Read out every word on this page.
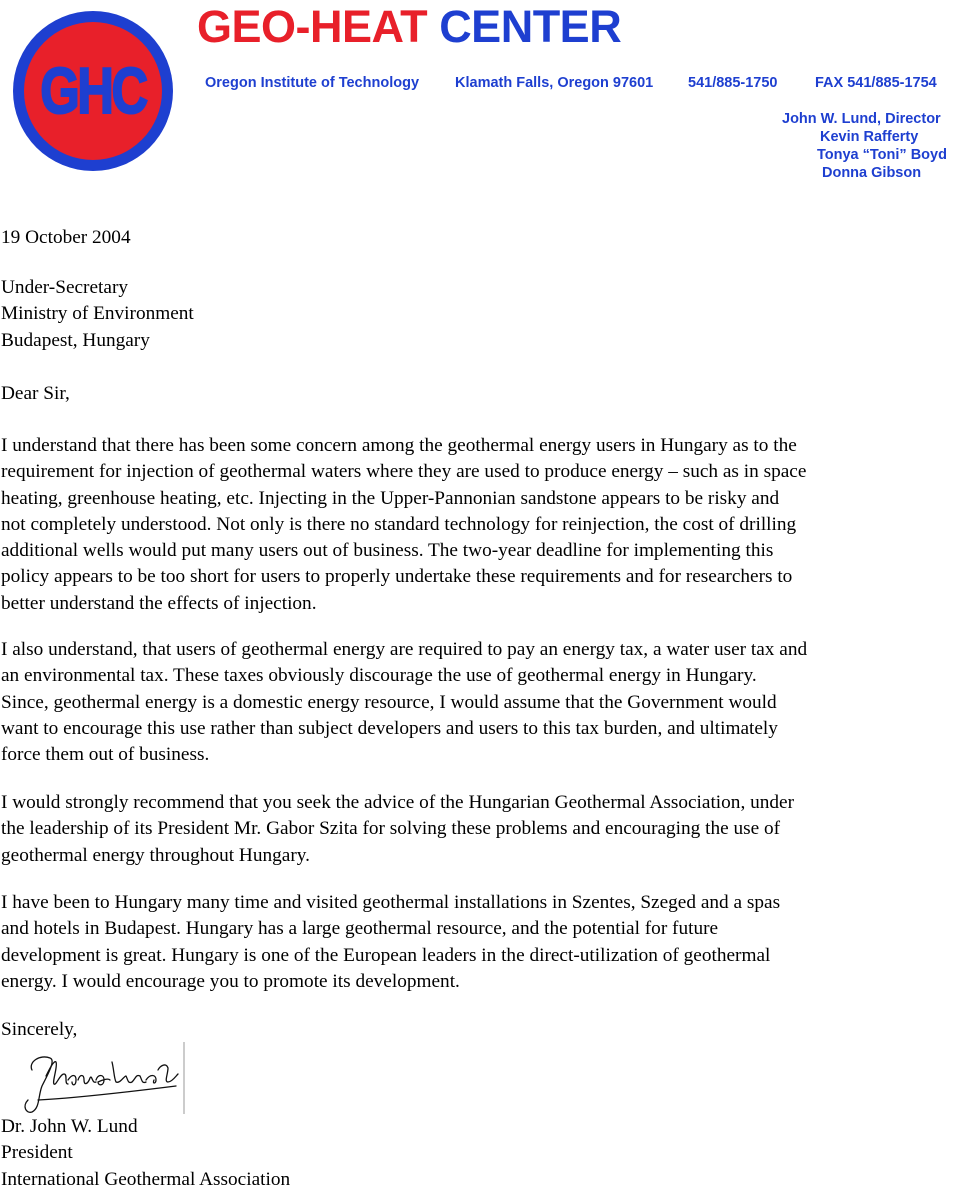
GHC
GEO-HEAT CENTER
Oregon Institute of Technology Klamath Falls, Oregon 97601 541/885-1750	FAX 541/885-1754
John W. Lund, Director
Kevin Rafferty
Tonya “Toni” Boyd
Donna Gibson
19 October 2004
Under-Secretary
Ministry of Environment
Budapest, Hungary
Dear Sir,
I understand that there has been some concern among the geothermal energy users in Hungary as to the
requirement for injection of geothermal waters where they are used to produce energy – such as in space
heating, greenhouse heating, etc. Injecting in the Upper-Pannonian sandstone appears to be risky and
not completely understood. Not only is there no standard technology for reinjection, the cost of drilling
additional wells would put many users out of business. The two-year deadline for implementing this
policy appears to be too short for users to properly undertake these requirements and for researchers to
better understand the effects of injection.
I also understand, that users of geothermal energy are required to pay an energy tax, a water user tax and
an environmental tax. These taxes obviously discourage the use of geothermal energy in Hungary.
Since, geothermal energy is a domestic energy resource, I would assume that the Government would
want to encourage this use rather than subject developers and users to this tax burden, and ultimately
force them out of business.
I would strongly recommend that you seek the advice of the Hungarian Geothermal Association, under
the leadership of its President Mr. Gabor Szita for solving these problems and encouraging the use of
geothermal energy throughout Hungary.
I have been to Hungary many time and visited geothermal installations in Szentes, Szeged and a spas
and hotels in Budapest. Hungary has a large geothermal resource, and the potential for future
development is great. Hungary is one of the European leaders in the direct-utilization of geothermal
energy. I would encourage you to promote its development.
Sincerely,
Dr. John W. Lund
President
International Geothermal Association
